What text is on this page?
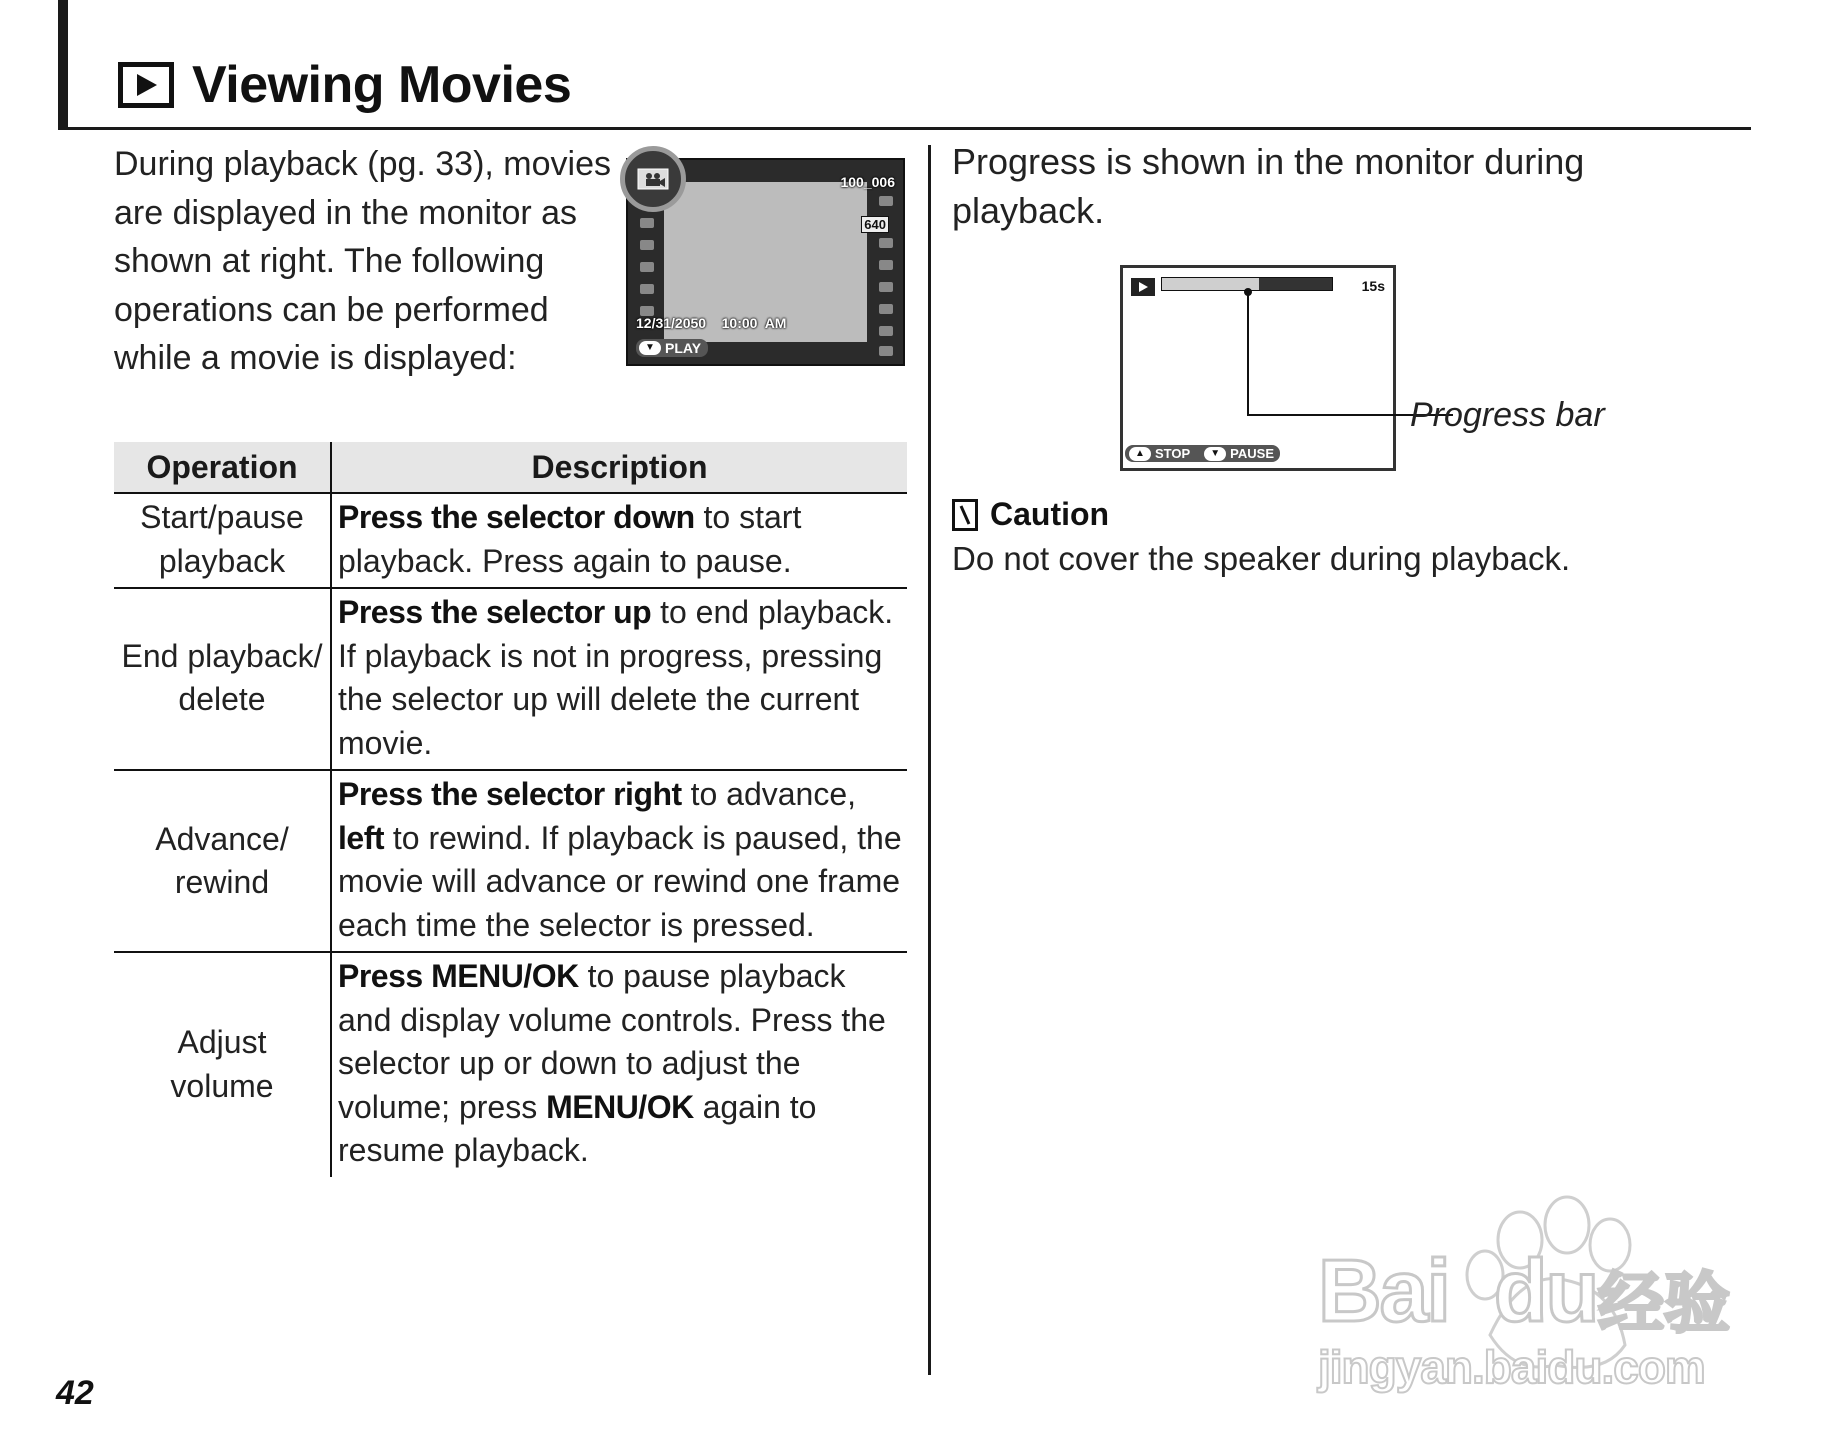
Viewing Movies
During playback (pg. 33), movies are displayed in the monitor as shown at right. The following operations can be performed while a movie is displayed:
100_006
640
12/31/2050    10:00  AM
▼ PLAY
Operation	Description
Start/pause playback	Press the selector down to start playback. Press again to pause.
End playback/ delete	Press the selector up to end playback. If playback is not in progress, pressing the selector up will delete the current movie.
Advance/ rewind	Press the selector right to advance, left to rewind. If playback is paused, the movie will advance or rewind one frame each time the selector is pressed.
Adjust volume	Press MENU/OK to pause playback and display volume controls. Press the selector up or down to adjust the volume; press MENU/OK again to resume playback.
Progress is shown in the monitor during playback.
15s
▲ STOP	▼ PAUSE
Progress bar
Caution
Do not cover the speaker during playback.
42
Bai  du 经验
jingyan.baidu.com
